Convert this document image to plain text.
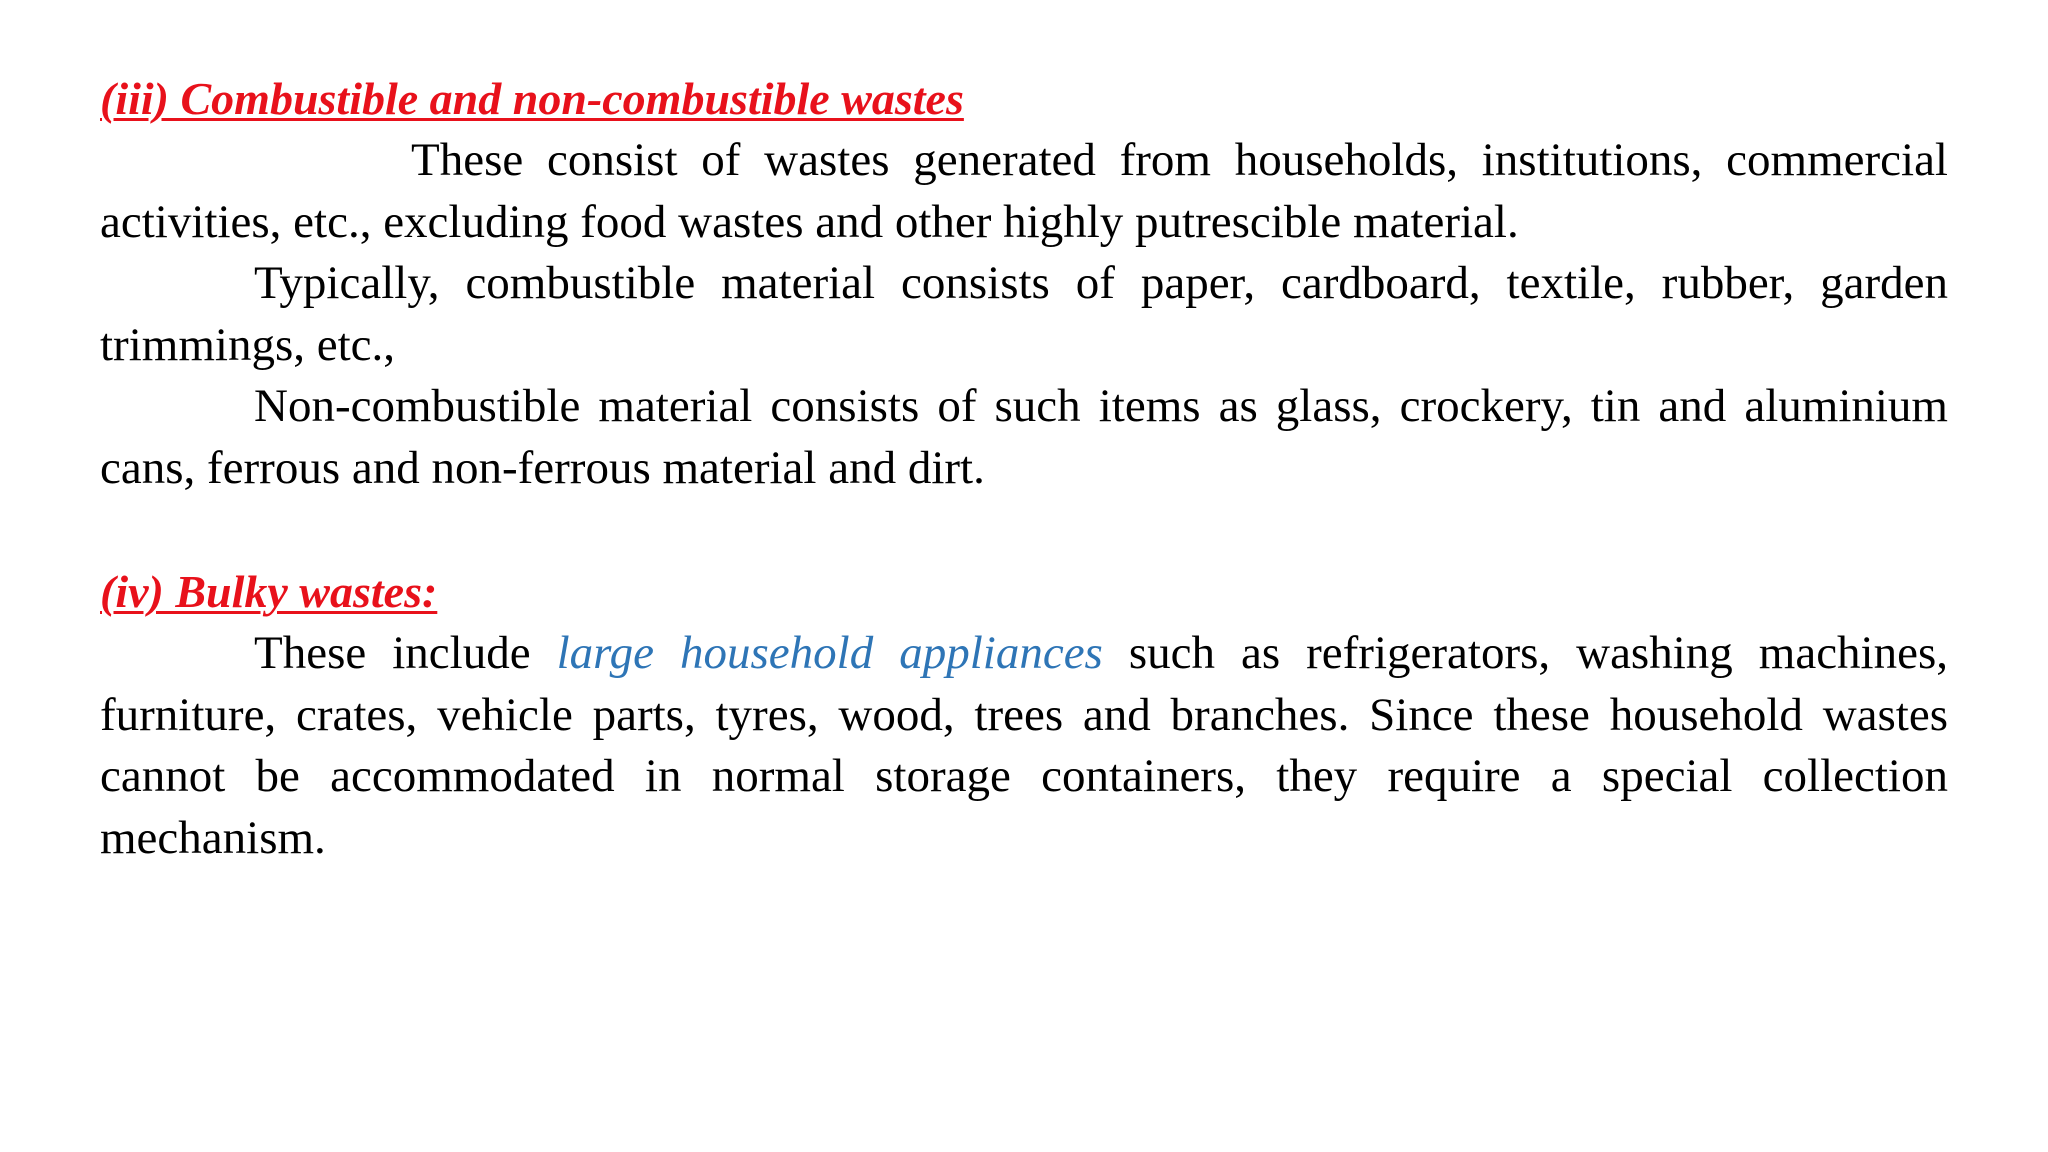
(iii) Combustible and non-combustible wastes

These consist of wastes generated from households, institutions, commercial activities, etc., excluding food wastes and other highly putrescible material.

Typically, combustible material consists of paper, cardboard, textile, rubber, garden trimmings, etc.,

Non-combustible material consists of such items as glass, crockery, tin and aluminium cans, ferrous and non-ferrous material and dirt.

(iv) Bulky wastes:

These include large household appliances such as refrigerators, washing machines, furniture, crates, vehicle parts, tyres, wood, trees and branches. Since these household wastes cannot be accommodated in normal storage containers, they require a special collection mechanism.
